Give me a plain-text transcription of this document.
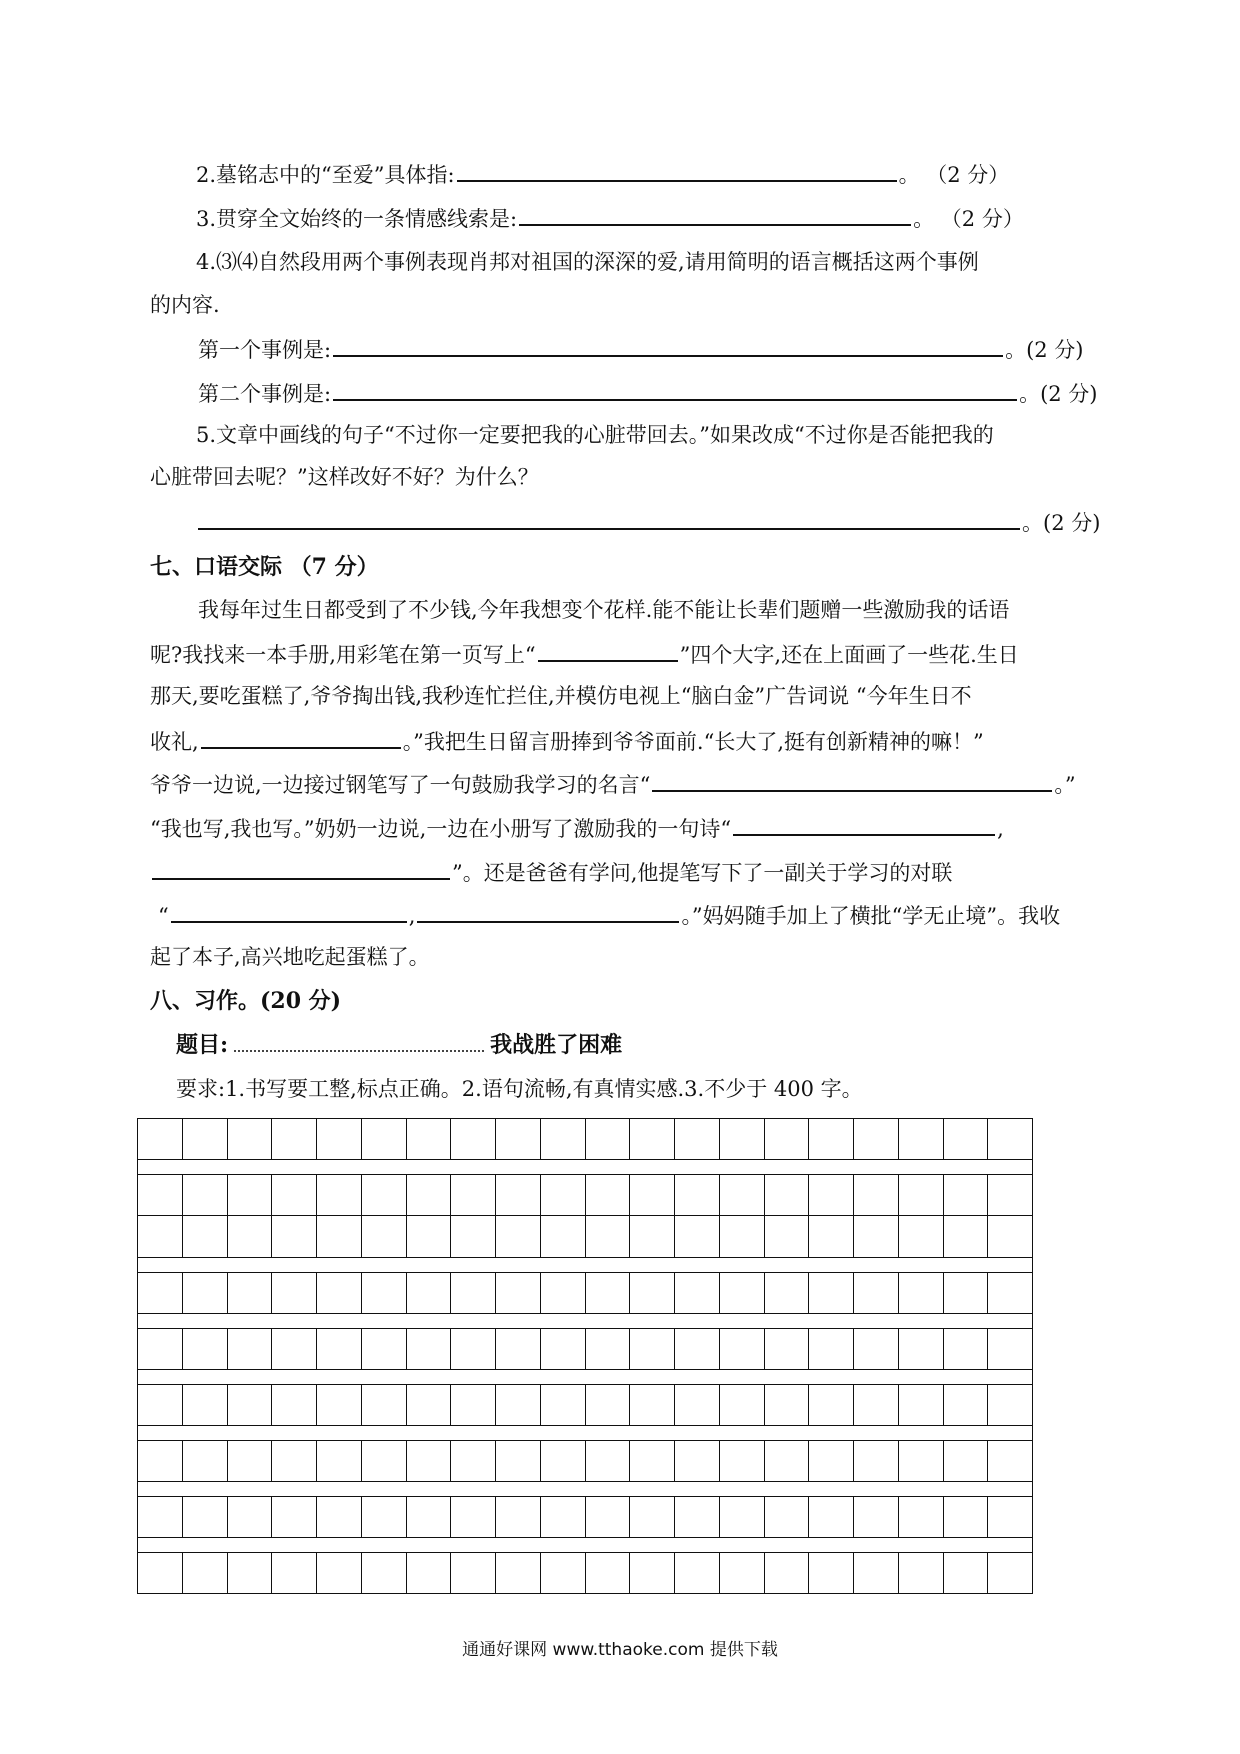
2.墓铭志中的“至爱”具体指:	。 （2 分）
3.贯穿全文始终的一条情感线索是:	。 （2 分）
4.⑶⑷自然段用两个事例表现肖邦对祖国的深深的爱,请用简明的语言概括这两个事例
的内容.
第一个事例是:	。(2 分)
第二个事例是:	。(2 分)
5.文章中画线的句子“不过你一定要把我的心脏带回去。”如果改成“不过你是否能把我的
心脏带回去呢？”这样改好不好？为什么？
。(2 分)
七、口语交际 （7 分）
我每年过生日都受到了不少钱,今年我想变个花样.能不能让长辈们题赠一些激励我的话语
呢?我找来一本手册,用彩笔在第一页写上“	”四个大字,还在上面画了一些花.生日
那天,要吃蛋糕了,爷爷掏出钱,我秒连忙拦住,并模仿电视上“脑白金”广告词说 “今年生日不
收礼,	。”我把生日留言册捧到爷爷面前.“长大了,挺有创新精神的嘛！”
爷爷一边说,一边接过钢笔写了一句鼓励我学习的名言“	。”
“我也写,我也写。”奶奶一边说,一边在小册写了激励我的一句诗“	,
”。还是爸爸有学问,他提笔写下了一副关于学习的对联
“	,	。”妈妈随手加上了横批“学无止境”。我收
起了本子,高兴地吃起蛋糕了。
八、习作。(20 分)
题目:	我战胜了困难
要求:1.书写要工整,标点正确。2.语句流畅,有真情实感.3.不少于 400 字。
通通好课网 www.tthaoke.com 提供下载
